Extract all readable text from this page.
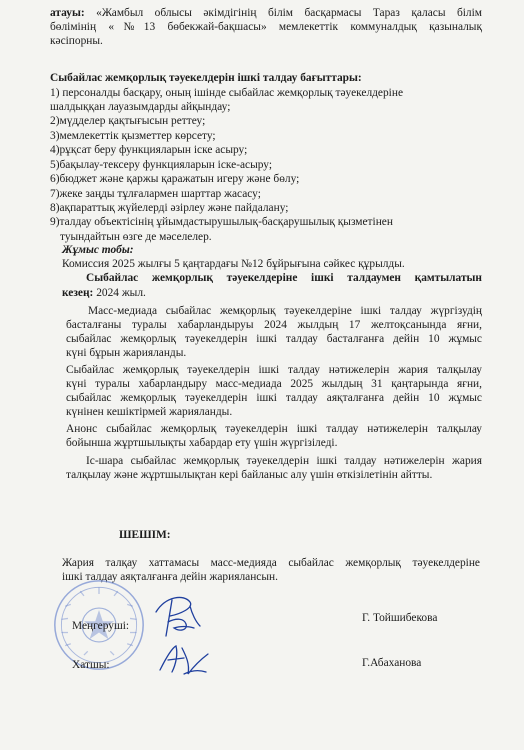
атауы: «Жамбыл облысы әкімдігінің білім басқармасы Тараз қаласы білім
бөлімінің «№13 бөбекжай-бақшасы» мемлекеттік коммуналдық қазыналық
кәсіпорны.
Сыбайлас жемқорлық тәуекелдерін ішкі талдау бағыттары:
1) персоналды басқару, оның ішінде сыбайлас жемқорлық тәуекелдеріне
шалдыққан лауазымдарды айқындау;
2)мүдделер қақтығысын реттеу;
3)мемлекеттік қызметтер көрсету;
4)рұқсат беру функцияларын іске асыру;
5)бақылау-тексеру функцияларын іске-асыру;
6)бюджет және қаржы қаражатын игеру және бөлу;
7)жеке заңды тұлғалармен шарттар жасасу;
8)ақпараттық жүйелерді әзірлеу және пайдалану;
9)талдау объектісінің ұйымдастырушылық-басқарушылық қызметінен
туындайтын өзге де мәселелер.
Жұмыс тобы:
Комиссия 2025 жылғы 5 қаңтардағы №12 бұйрығына сәйкес құрылды.
Сыбайлас жемқорлық тәуекелдеріне ішкі талдаумен қамтылатын
кезең: 2024 жыл.
Масс-медиада сыбайлас жемқорлық тәуекелдеріне ішкі талдау жүргізудің
басталғаны туралы хабарландыруы 2024 жылдың 17 желтоқсанында яғни,
сыбайлас жемқорлық тәуекелдерін ішкі талдау басталғанға дейін 10 жұмыс
күні бұрын жарияланды.
Сыбайлас жемқорлық тәуекелдерін ішкі талдау нәтижелерін жария талқылау
күні туралы хабарландыру масс-медиада 2025 жылдың 31 қаңтарында яғни,
сыбайлас жемқорлық тәуекелдерін ішкі талдау аяқталғанға дейін 10 жұмыс
күнінен кешіктірмей жарияланды.
Анонс сыбайлас жемқорлық тәуекелдерін ішкі талдау нәтижелерін талқылау
бойынша жұртшылықты хабардар ету үшін жүргізіледі.
Іс-шара сыбайлас жемқорлық тәуекелдерін ішкі талдау нәтижелерін жария
талқылау және жұртшылықтан кері байланыс алу үшін өткізілетінін айтты.
ШЕШІМ:
Жария талқау хаттамасы масс-медияда сыбайлас жемқорлық тәуекелдеріне
ішкі талдау аяқталғанға дейін жариялансын.
Меңгеруші:
Г. Тойшибекова
Хатшы:	Г.Абаханова
